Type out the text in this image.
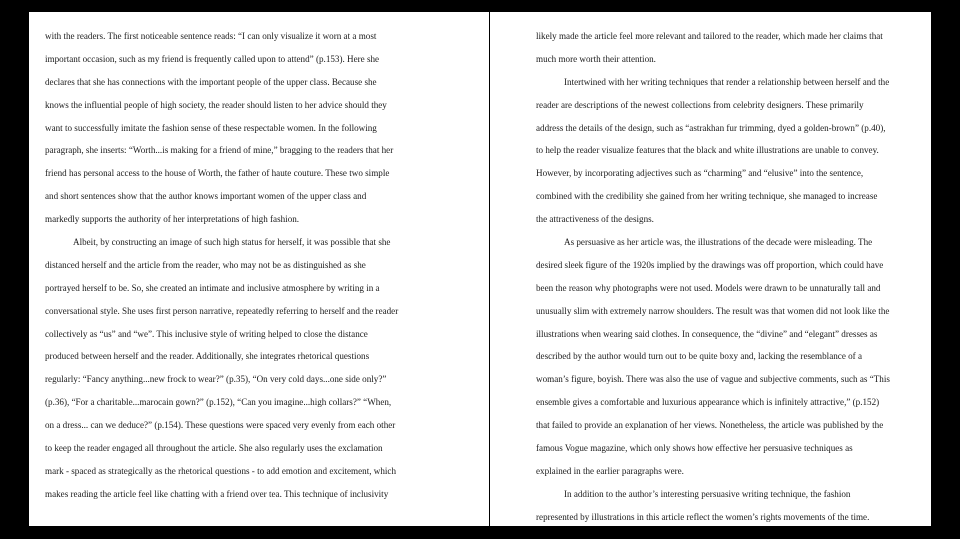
with the readers. The first noticeable sentence reads: “I can only visualize it worn at a most
important occasion, such as my friend is frequently called upon to attend” (p.153). Here she
declares that she has connections with the important people of the upper class. Because she
knows the influential people of high society, the reader should listen to her advice should they
want to successfully imitate the fashion sense of these respectable women. In the following
paragraph, she inserts: “Worth...is making for a friend of mine,” bragging to the readers that her
friend has personal access to the house of Worth, the father of haute couture. These two simple
and short sentences show that the author knows important women of the upper class and
markedly supports the authority of her interpretations of high fashion.
Albeit, by constructing an image of such high status for herself, it was possible that she
distanced herself and the article from the reader, who may not be as distinguished as she
portrayed herself to be. So, she created an intimate and inclusive atmosphere by writing in a
conversational style. She uses first person narrative, repeatedly referring to herself and the reader
collectively as “us” and “we”. This inclusive style of writing helped to close the distance
produced between herself and the reader. Additionally, she integrates rhetorical questions
regularly: “Fancy anything...new frock to wear?” (p.35), “On very cold days...one side only?”
(p.36), “For a charitable...marocain gown?” (p.152), “Can you imagine...high collars?” “When,
on a dress... can we deduce?” (p.154). These questions were spaced very evenly from each other
to keep the reader engaged all throughout the article. She also regularly uses the exclamation
mark - spaced as strategically as the rhetorical questions - to add emotion and excitement, which
makes reading the article feel like chatting with a friend over tea. This technique of inclusivity
likely made the article feel more relevant and tailored to the reader, which made her claims that
much more worth their attention.
Intertwined with her writing techniques that render a relationship between herself and the
reader are descriptions of the newest collections from celebrity designers. These primarily
address the details of the design, such as “astrakhan fur trimming, dyed a golden-brown” (p.40),
to help the reader visualize features that the black and white illustrations are unable to convey.
However, by incorporating adjectives such as “charming” and “elusive” into the sentence,
combined with the credibility she gained from her writing technique, she managed to increase
the attractiveness of the designs.
As persuasive as her article was, the illustrations of the decade were misleading. The
desired sleek figure of the 1920s implied by the drawings was off proportion, which could have
been the reason why photographs were not used. Models were drawn to be unnaturally tall and
unusually slim with extremely narrow shoulders. The result was that women did not look like the
illustrations when wearing said clothes. In consequence, the “divine” and “elegant” dresses as
described by the author would turn out to be quite boxy and, lacking the resemblance of a
woman’s figure, boyish. There was also the use of vague and subjective comments, such as “This
ensemble gives a comfortable and luxurious appearance which is infinitely attractive,” (p.152)
that failed to provide an explanation of her views. Nonetheless, the article was published by the
famous Vogue magazine, which only shows how effective her persuasive techniques as
explained in the earlier paragraphs were.
In addition to the author’s interesting persuasive writing technique, the fashion
represented by illustrations in this article reflect the women’s rights movements of the time.
